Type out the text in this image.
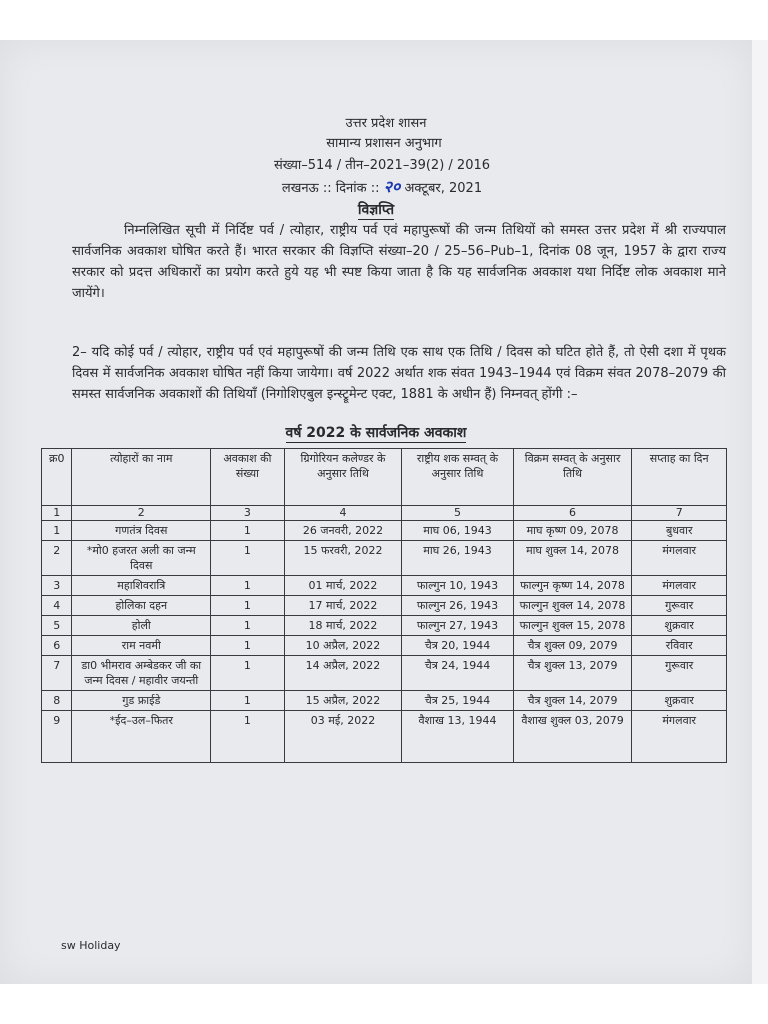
उत्तर प्रदेश शासन
सामान्य प्रशासन अनुभाग
संख्या–514 / तीन–2021–39(2) / 2016
लखनऊ :: दिनांक :: २० अक्टूबर, 2021
विज्ञप्ति
निम्नलिखित सूची में निर्दिष्ट पर्व / त्योहार, राष्ट्रीय पर्व एवं महापुरूषों की जन्म तिथियों को समस्त उत्तर प्रदेश में श्री राज्यपाल सार्वजनिक अवकाश घोषित करते हैं। भारत सरकार की विज्ञप्ति संख्या–20 / 25–56–Pub–1, दिनांक 08 जून, 1957 के द्वारा राज्य सरकार को प्रदत्त अधिकारों का प्रयोग करते हुये यह भी स्पष्ट किया जाता है कि यह सार्वजनिक अवकाश यथा निर्दिष्ट लोक अवकाश माने जायेंगे।
2– यदि कोई पर्व / त्योहार, राष्ट्रीय पर्व एवं महापुरूषों की जन्म तिथि एक साथ एक तिथि / दिवस को घटित होते हैं, तो ऐसी दशा में पृथक दिवस में सार्वजनिक अवकाश घोषित नहीं किया जायेगा। वर्ष 2022 अर्थात शक संवत 1943–1944 एवं विक्रम संवत 2078–2079 की समस्त सार्वजनिक अवकाशों की तिथियाँ (निगोशिएबुल इन्स्ट्रूमेन्ट एक्ट, 1881 के अधीन हैं) निम्नवत् होंगी :–
वर्ष 2022 के सार्वजनिक अवकाश
क्र0	त्योहारों का नाम	अवकाश की संख्या	ग्रिगोरियन कलेण्डर के अनुसार तिथि	राष्ट्रीय शक सम्वत् के अनुसार तिथि	विक्रम सम्वत् के अनुसार तिथि	सप्ताह का दिन
1	2	3	4	5	6	7
1	गणतंत्र दिवस	1	26 जनवरी, 2022	माघ 06, 1943	माघ कृष्ण 09, 2078	बुधवार
2	*मो0 हजरत अली का जन्म दिवस	1	15 फरवरी, 2022	माघ 26, 1943	माघ शुक्ल 14, 2078	मंगलवार
3	महाशिवरात्रि	1	01 मार्च, 2022	फाल्गुन 10, 1943	फाल्गुन कृष्ण 14, 2078	मंगलवार
4	होलिका दहन	1	17 मार्च, 2022	फाल्गुन 26, 1943	फाल्गुन शुक्ल 14, 2078	गुरूवार
5	होली	1	18 मार्च, 2022	फाल्गुन 27, 1943	फाल्गुन शुक्ल 15, 2078	शुक्रवार
6	राम नवमी	1	10 अप्रैल, 2022	चैत्र 20, 1944	चैत्र शुक्ल 09, 2079	रविवार
7	डा0 भीमराव अम्बेडकर जी का जन्म दिवस / महावीर जयन्ती	1	14 अप्रैल, 2022	चैत्र 24, 1944	चैत्र शुक्ल 13, 2079	गुरूवार
8	गुड फ्राईडे	1	15 अप्रैल, 2022	चैत्र 25, 1944	चैत्र शुक्ल 14, 2079	शुक्रवार
9	*ईद–उल–फितर	1	03 मई, 2022	वैशाख 13, 1944	वैशाख शुक्ल 03, 2079	मंगलवार
sw Holiday
